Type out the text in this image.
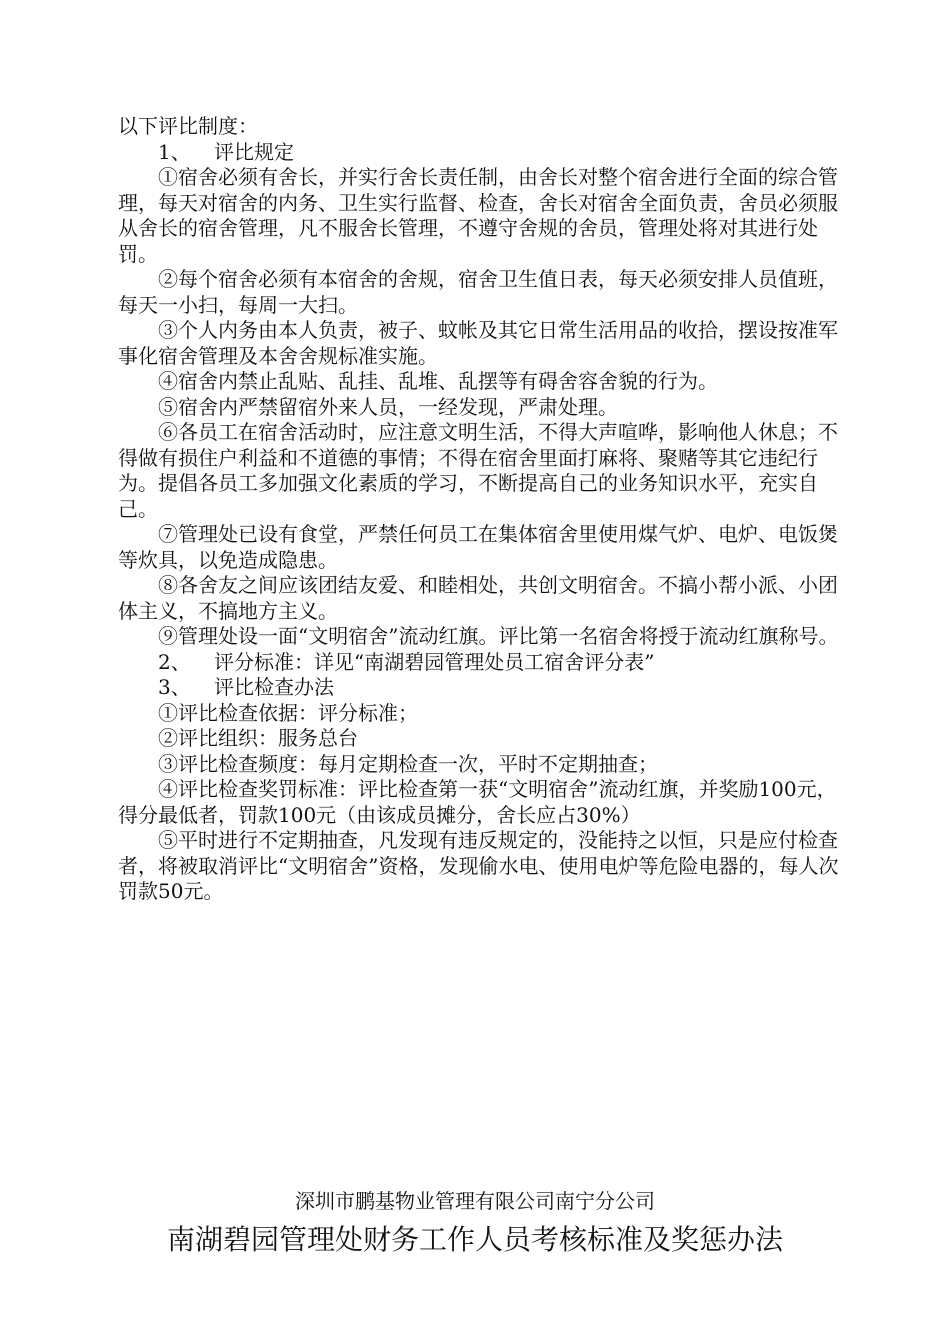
以下评比制度：

1、 评比规定

①宿舍必须有舍长，并实行舍长责任制，由舍长对整个宿舍进行全面的综合管理，每天对宿舍的内务、卫生实行监督、检查，舍长对宿舍全面负责，舍员必须服从舍长的宿舍管理，凡不服舍长管理，不遵守舍规的舍员，管理处将对其进行处罚。

②每个宿舍必须有本宿舍的舍规，宿舍卫生值日表，每天必须安排人员值班，每天一小扫，每周一大扫。

③个人内务由本人负责，被子、蚊帐及其它日常生活用品的收拾，摆设按准军事化宿舍管理及本舍舍规标准实施。

④宿舍内禁止乱贴、乱挂、乱堆、乱摆等有碍舍容舍貌的行为。

⑤宿舍内严禁留宿外来人员，一经发现，严肃处理。

⑥各员工在宿舍活动时，应注意文明生活，不得大声喧哗，影响他人休息；不得做有损住户利益和不道德的事情；不得在宿舍里面打麻将、聚赌等其它违纪行为。提倡各员工多加强文化素质的学习，不断提高自己的业务知识水平，充实自己。

⑦管理处已设有食堂，严禁任何员工在集体宿舍里使用煤气炉、电炉、电饭煲等炊具，以免造成隐患。

⑧各舍友之间应该团结友爱、和睦相处，共创文明宿舍。不搞小帮小派、小团体主义，不搞地方主义。

⑨管理处设一面“文明宿舍”流动红旗。评比第一名宿舍将授于流动红旗称号。

2、 评分标准：详见“南湖碧园管理处员工宿舍评分表”

3、 评比检查办法

①评比检查依据：评分标准；

②评比组织：服务总台

③评比检查频度：每月定期检查一次，平时不定期抽查；

④评比检查奖罚标准：评比检查第一获“文明宿舍”流动红旗，并奖励100元，得分最低者，罚款100元（由该成员摊分，舍长应占30%）

⑤平时进行不定期抽查，凡发现有违反规定的，没能持之以恒，只是应付检查者，将被取消评比“文明宿舍”资格，发现偷水电、使用电炉等危险电器的，每人次罚款50元。

深圳市鹏基物业管理有限公司南宁分公司
南湖碧园管理处财务工作人员考核标准及奖惩办法
